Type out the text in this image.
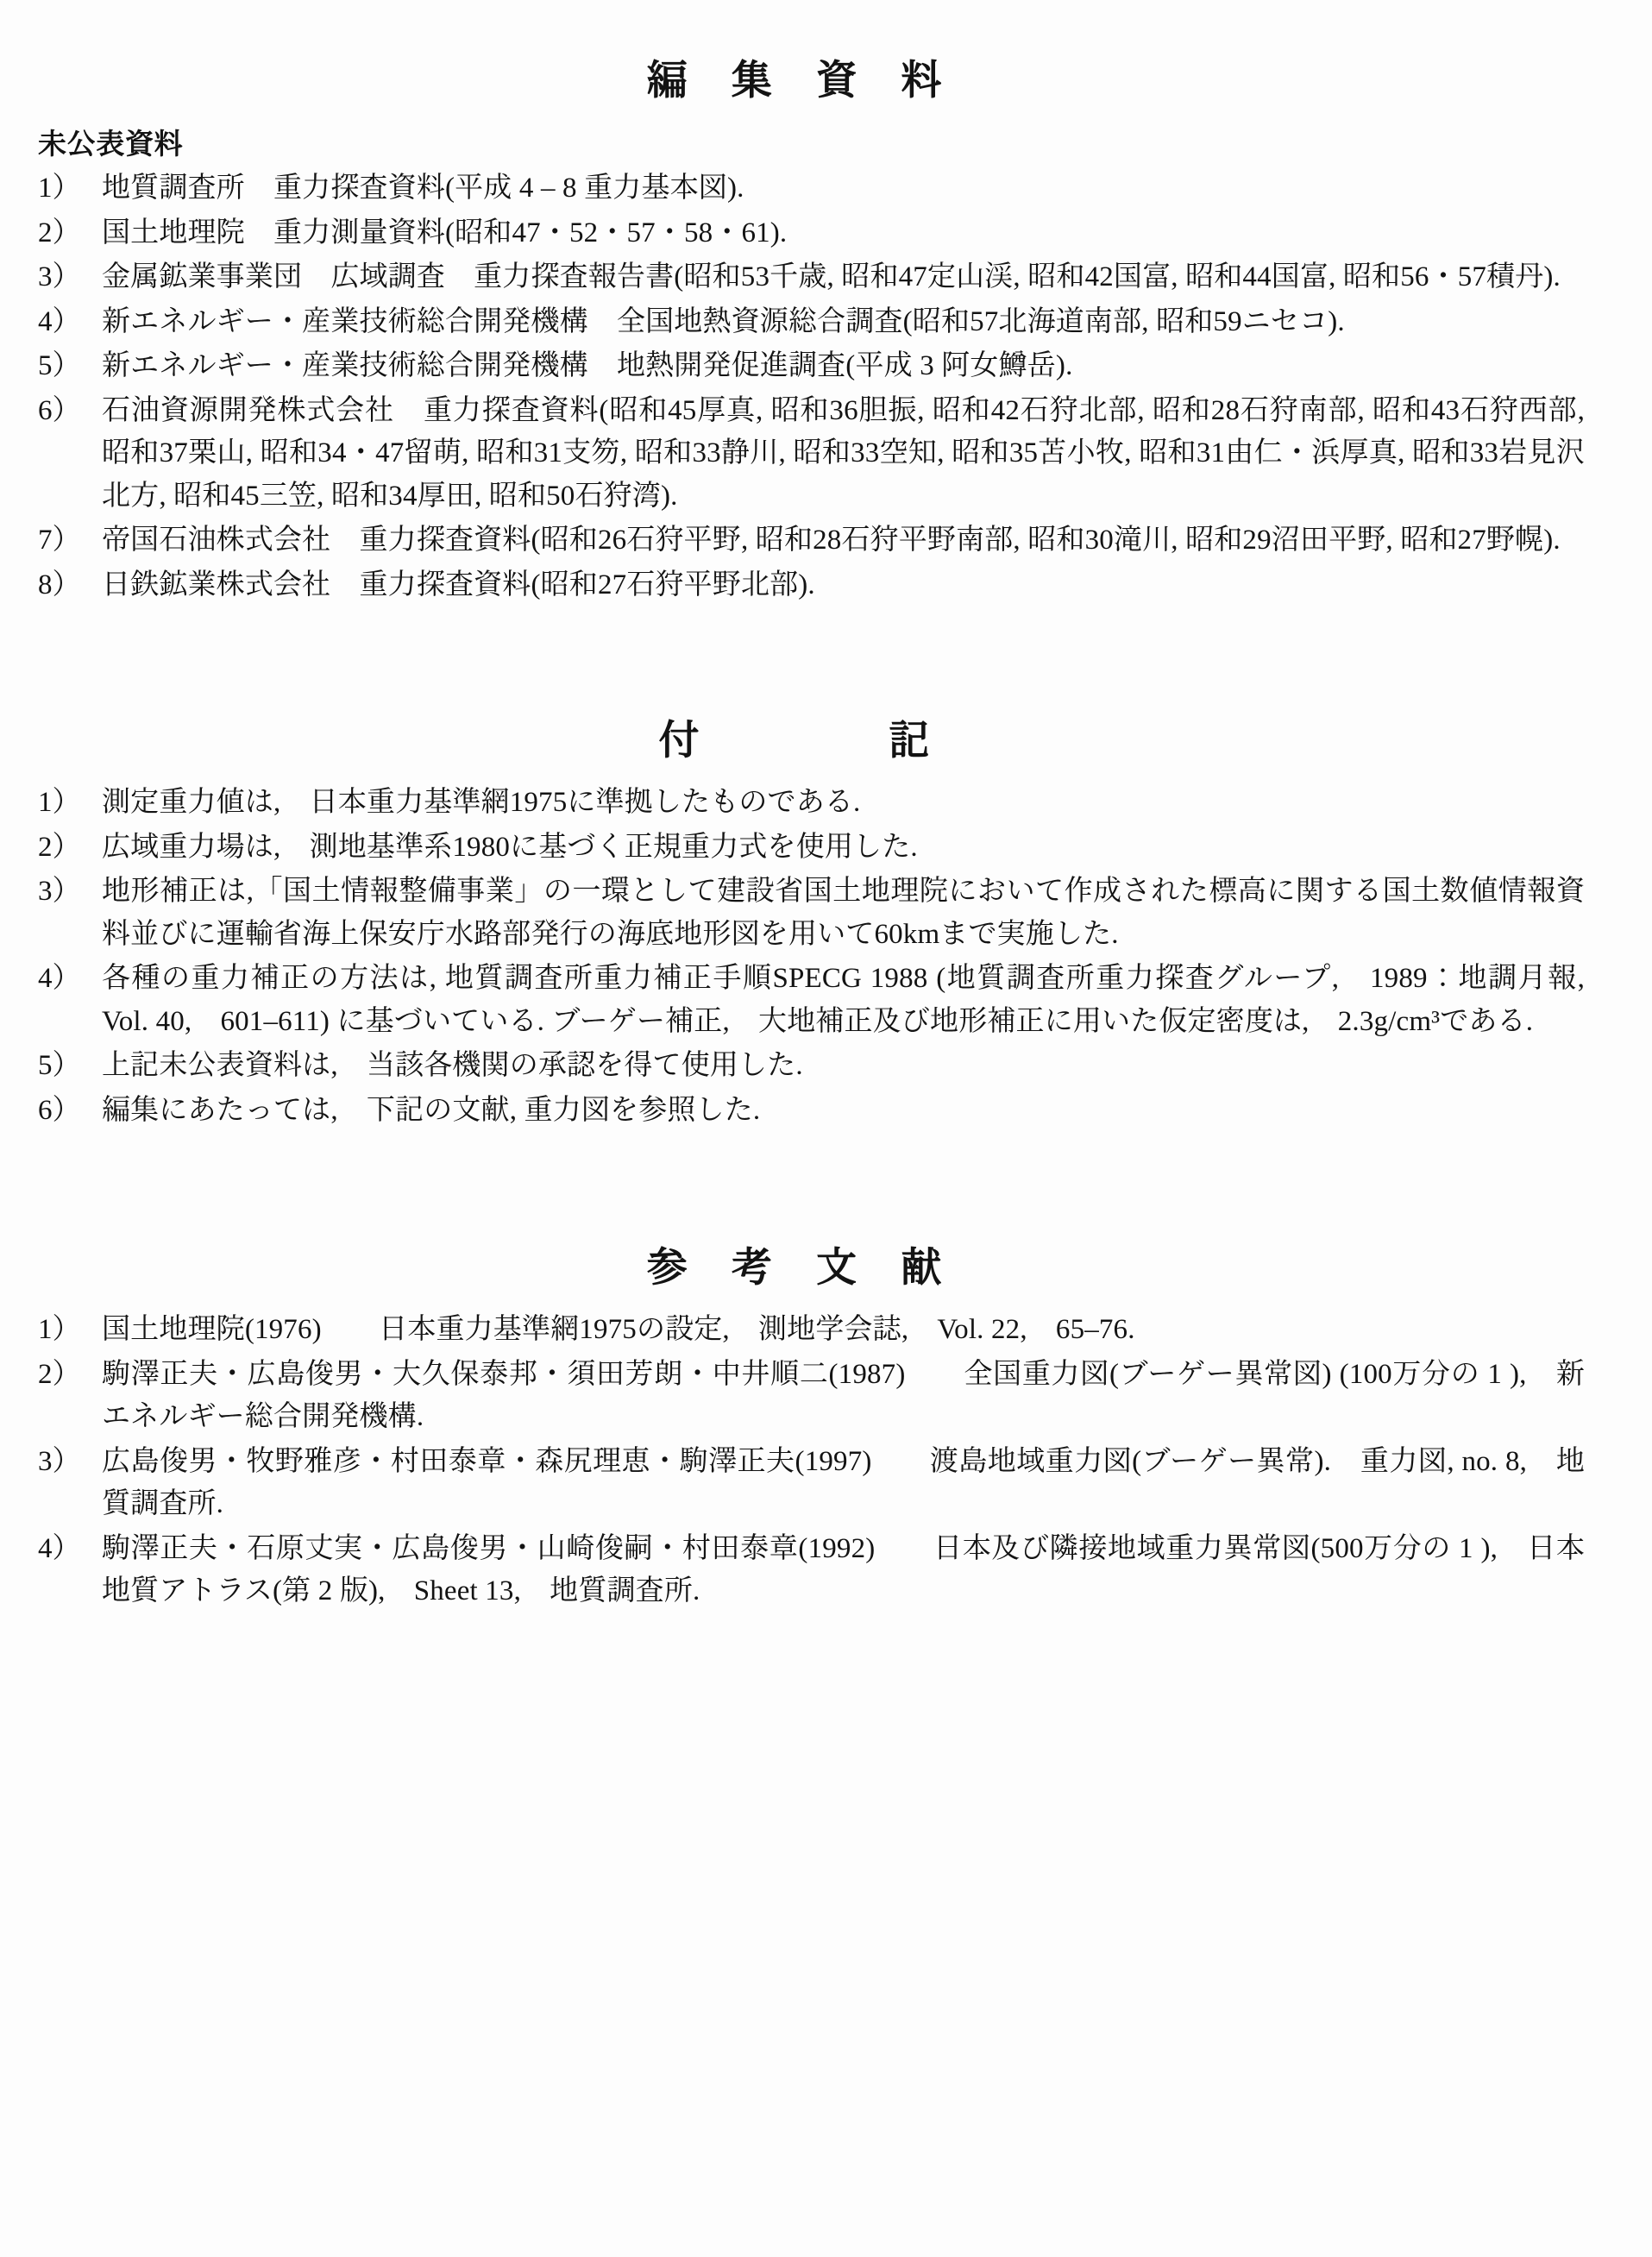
編 集 資 料
未公表資料
1） 地質調査所　重力探査資料(平成 4 – 8 重力基本図).
2） 国土地理院　重力測量資料(昭和47・52・57・58・61).
3） 金属鉱業事業団　広域調査　重力探査報告書(昭和53千歳, 昭和47定山渓, 昭和42国富, 昭和44国富, 昭和56・57積丹).
4） 新エネルギー・産業技術総合開発機構　全国地熱資源総合調査(昭和57北海道南部, 昭和59ニセコ).
5） 新エネルギー・産業技術総合開発機構　地熱開発促進調査(平成 3 阿女鱒岳).
6） 石油資源開発株式会社　重力探査資料(昭和45厚真, 昭和36胆振, 昭和42石狩北部, 昭和28石狩南部, 昭和43石狩西部, 昭和37栗山, 昭和34・47留萌, 昭和31支笏, 昭和33静川, 昭和33空知, 昭和35苫小牧, 昭和31由仁・浜厚真, 昭和33岩見沢北方, 昭和45三笠, 昭和34厚田, 昭和50石狩湾).
7） 帝国石油株式会社　重力探査資料(昭和26石狩平野, 昭和28石狩平野南部, 昭和30滝川, 昭和29沼田平野, 昭和27野幌).
8） 日鉄鉱業株式会社　重力探査資料(昭和27石狩平野北部).
付　　　記
1） 測定重力値は,　日本重力基準網1975に準拠したものである.
2） 広域重力場は,　測地基準系1980に基づく正規重力式を使用した.
3） 地形補正は,「国土情報整備事業」の一環として建設省国土地理院において作成された標高に関する国土数値情報資料並びに運輸省海上保安庁水路部発行の海底地形図を用いて60kmまで実施した.
4） 各種の重力補正の方法は, 地質調査所重力補正手順SPECG 1988 (地質調査所重力探査グループ,　1989：地調月報,　Vol. 40,　601–611) に基づいている. ブーゲー補正,　大地補正及び地形補正に用いた仮定密度は,　2.3g/cm³である.
5） 上記未公表資料は,　当該各機関の承認を得て使用した.
6） 編集にあたっては,　下記の文献, 重力図を参照した.
参 考 文 献
1） 国土地理院(1976)　　日本重力基準網1975の設定,　測地学会誌,　Vol. 22,　65–76.
2） 駒澤正夫・広島俊男・大久保泰邦・須田芳朗・中井順二(1987)　　全国重力図(ブーゲー異常図) (100万分の 1 ),　新エネルギー総合開発機構.
3） 広島俊男・牧野雅彦・村田泰章・森尻理恵・駒澤正夫(1997)　　渡島地域重力図(ブーゲー異常).　重力図, no. 8,　地質調査所.
4） 駒澤正夫・石原丈実・広島俊男・山崎俊嗣・村田泰章(1992)　　日本及び隣接地域重力異常図(500万分の 1 ),　日本地質アトラス(第 2 版),　Sheet 13,　地質調査所.
